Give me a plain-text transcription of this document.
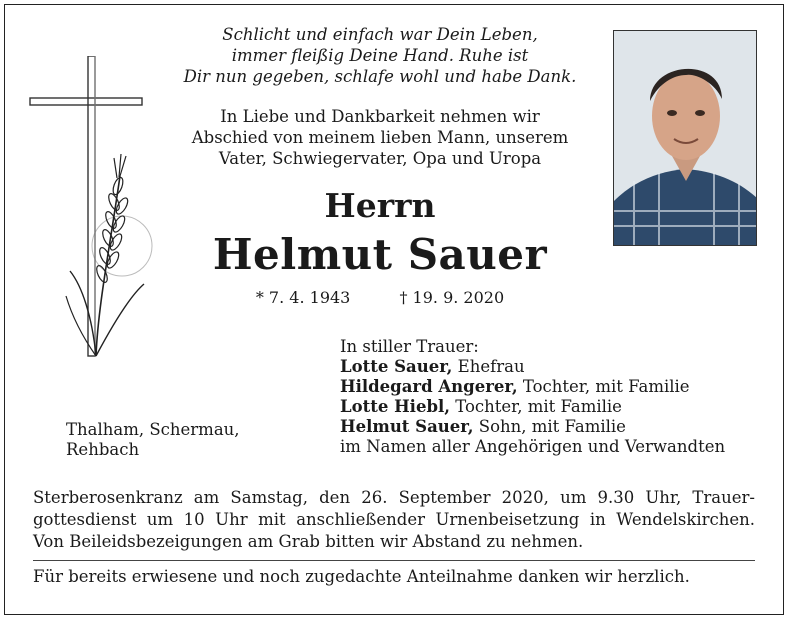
Schlicht und einfach war Dein Leben,
immer fleißig Deine Hand. Ruhe ist
Dir nun gegeben, schlafe wohl und habe Dank.
In Liebe und Dankbarkeit nehmen wir
Abschied von meinem lieben Mann, unserem
Vater, Schwiegervater, Opa und Uropa
Herrn
Helmut Sauer
* 7. 4. 1943	† 19. 9. 2020
In stiller Trauer:
Lotte Sauer, Ehefrau
Hildegard Angerer, Tochter, mit Familie
Lotte Hiebl, Tochter, mit Familie
Helmut Sauer, Sohn, mit Familie
im Namen aller Angehörigen und Verwandten
Thalham, Schermau,
Rehbach
Sterberosenkranz am Samstag, den 26. September 2020, um 9.30 Uhr, Trauer-
gottesdienst um 10 Uhr mit anschließender Urnenbeisetzung in Wendelskirchen.
Von Beileidsbezeigungen am Grab bitten wir Abstand zu nehmen.
Für bereits erwiesene und noch zugedachte Anteilnahme danken wir herzlich.
